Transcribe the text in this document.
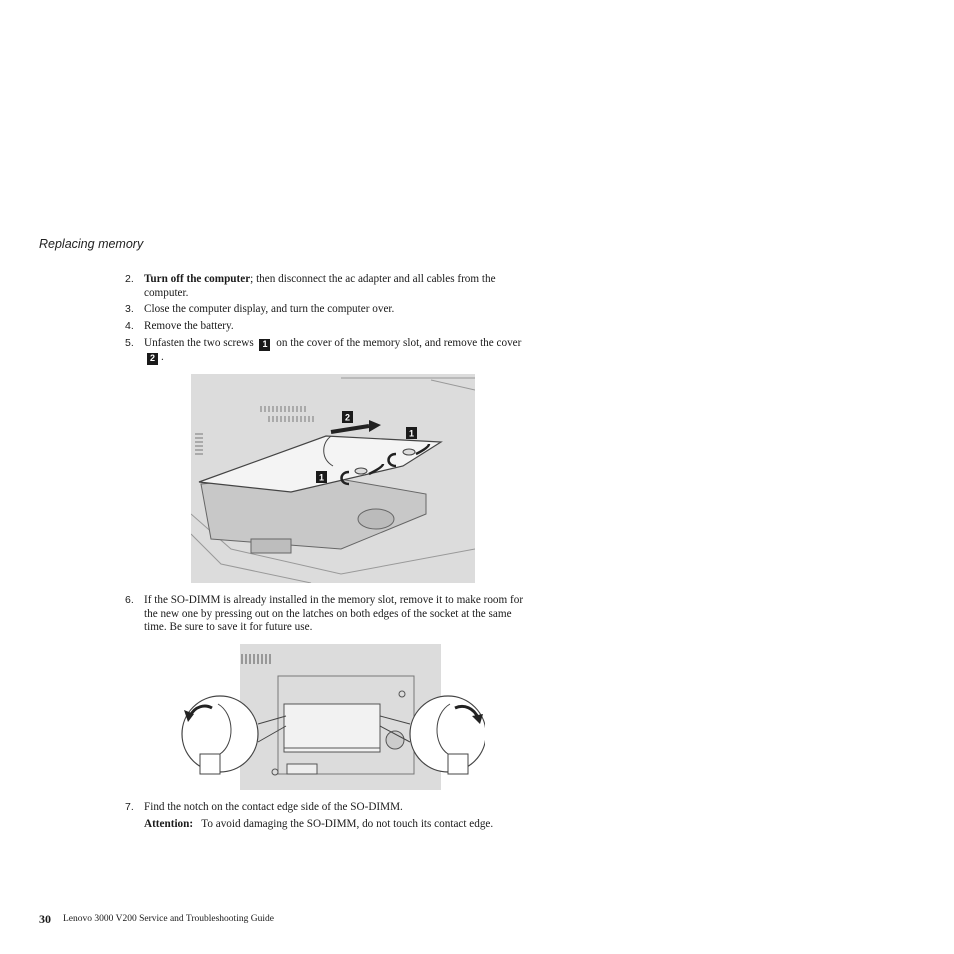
Replacing memory
2. Turn off the computer; then disconnect the ac adapter and all cables from the computer.
3. Close the computer display, and turn the computer over.
4. Remove the battery.
5. Unfasten the two screws 1 on the cover of the memory slot, and remove the cover 2 .
2
1
1
6. If the SO-DIMM is already installed in the memory slot, remove it to make room for the new one by pressing out on the latches on both edges of the socket at the same time. Be sure to save it for future use.
7. Find the notch on the contact edge side of the SO-DIMM.
Attention: To avoid damaging the SO-DIMM, do not touch its contact edge.
30 Lenovo 3000 V200 Service and Troubleshooting Guide
